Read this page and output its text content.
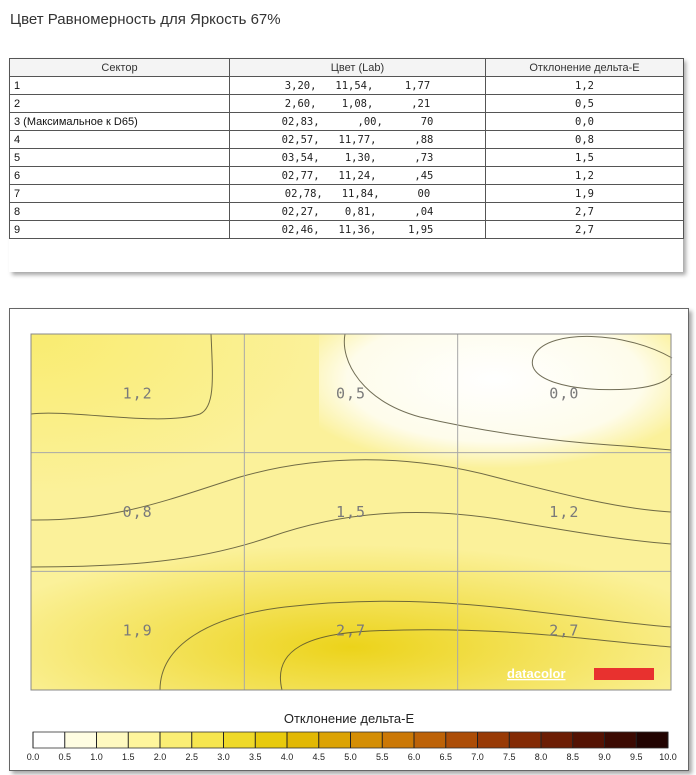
Цвет Равномерность для Яркость 67%
Сектор	Цвет (Lab)	Отклонение дельта-E
1	3,20,   11,54,     1,77	1,2
2	2,60,    1,08,      ,21	0,5
3 (Максимальное к D65)	02,83,      ,00,      70	0,0
4	02,57,   11,77,      ,88	0,8
5	03,54,    1,30,      ,73	1,5
6	02,77,   11,24,      ,45	1,2
7	02,78,   11,84,      00	1,9
8	02,27,    0,81,      ,04	2,7
9	02,46,   11,36,     1,95	2,7
1,2	0,5	0,0
0,8	1,5	1,2
1,9	2,7	2,7
datacolor
Отклонение дельта-E
0.0 0.5 1.0 1.5 2.0 2.5 3.0 3.5 4.0 4.5 5.0 5.5 6.0 6.5 7.0 7.5 8.0 8.5 9.0 9.5 10.0
